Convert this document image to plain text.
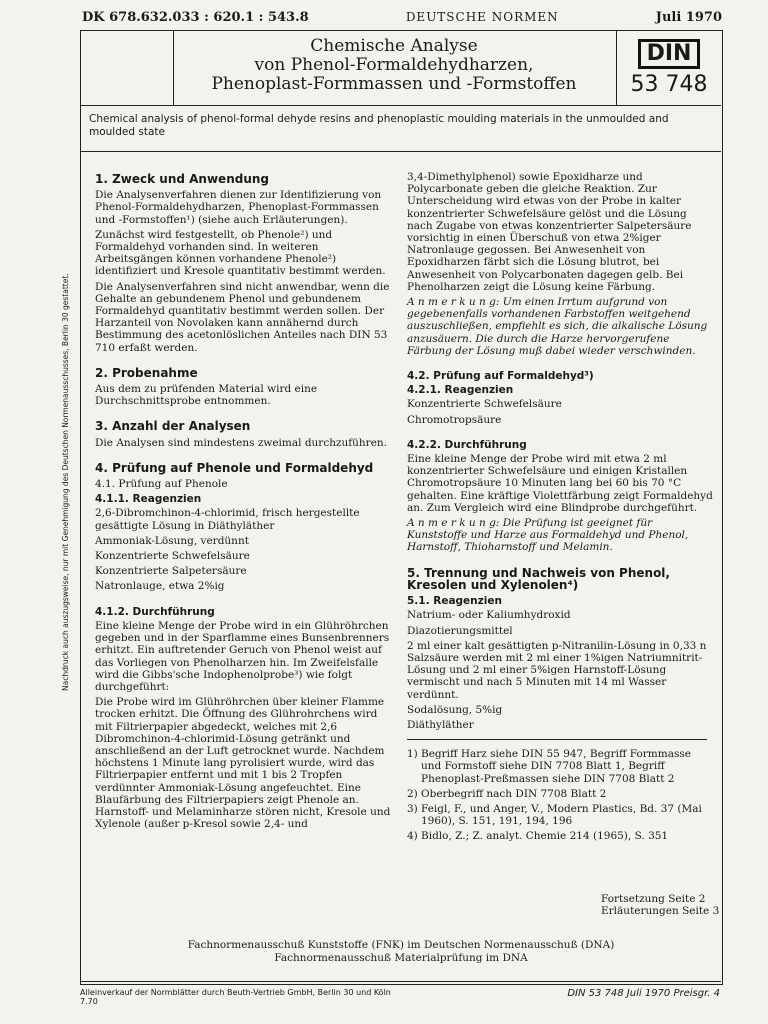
DK 678.632.033 : 620.1 : 543.8	DEUTSCHE NORMEN	Juli 1970
Nachdruck auch auszugsweise, nur mit Genehmigung des Deutschen Normenausschusses, Berlin 30 gestattet.
Chemische Analyse
von Phenol-Formaldehydharzen,
Phenoplast-Formmassen und -Formstoffen
DIN
53 748
Chemical analysis of phenol-formal dehyde resins and phenoplastic moulding materials in the unmoulded and moulded state
1. Zweck und Anwendung

Die Analysenverfahren dienen zur Identifizierung von Phenol-Formaldehydharzen, Phenoplast-Formmassen und -Formstoffen¹) (siehe auch Erläuterungen).

Zunächst wird festgestellt, ob Phenole²) und Formaldehyd vorhanden sind. In weiteren Arbeitsgängen können vorhandene Phenole²) identifiziert und Kresole quantitativ bestimmt werden.

Die Analysenverfahren sind nicht anwendbar, wenn die Gehalte an gebundenem Phenol und gebundenem Formaldehyd quantitativ bestimmt werden sollen. Der Harzanteil von Novolaken kann annähernd durch Bestimmung des acetonlöslichen Anteiles nach DIN 53 710 erfaßt werden.

2. Probenahme

Aus dem zu prüfenden Material wird eine Durchschnittsprobe entnommen.

3. Anzahl der Analysen

Die Analysen sind mindestens zweimal durchzuführen.

4. Prüfung auf Phenole und Formaldehyd

4.1. Prüfung auf Phenole

4.1.1. Reagenzien

2,6-Dibromchinon-4-chlorimid, frisch hergestellte gesättigte Lösung in Diäthyläther

Ammoniak-Lösung, verdünnt

Konzentrierte Schwefelsäure

Konzentrierte Salpetersäure

Natronlauge, etwa 2%ig

4.1.2. Durchführung

Eine kleine Menge der Probe wird in ein Glühröhrchen gegeben und in der Sparflamme eines Bunsenbrenners erhitzt. Ein auftretender Geruch von Phenol weist auf das Vorliegen von Phenolharzen hin. Im Zweifelsfalle wird die Gibbs'sche Indophenolprobe³) wie folgt durchgeführt:

Die Probe wird im Glühröhrchen über kleiner Flamme trocken erhitzt. Die Öffnung des Glührohrchens wird mit Filtrierpapier abgedeckt, welches mit 2,6 Dibromchinon-4-chlorimid-Lösung getränkt und anschließend an der Luft getrocknet wurde. Nachdem höchstens 1 Minute lang pyrolisiert wurde, wird das Filtrierpapier entfernt und mit 1 bis 2 Tropfen verdünnter Ammoniak-Lösung angefeuchtet. Eine Blaufärbung des Filtrierpapiers zeigt Phenole an. Harnstoff- und Melaminharze stören nicht, Kresole und Xylenole (außer p-Kresol sowie 2,4- und

3,4-Dimethylphenol) sowie Epoxidharze und Polycarbonate geben die gleiche Reaktion. Zur Unterscheidung wird etwas von der Probe in kalter konzentrierter Schwefelsäure gelöst und die Lösung nach Zugabe von etwas konzentrierter Salpetersäure vorsichtig in einen Überschuß von etwa 2%iger Natronlauge gegossen. Bei Anwesenheit von Epoxidharzen färbt sich die Lösung blutrot, bei Anwesenheit von Polycarbonaten dagegen gelb. Bei Phenolharzen zeigt die Lösung keine Färbung.

A n m e r k u n g: Um einen Irrtum aufgrund von gegebenenfalls vorhandenen Farbstoffen weitgehend auszuschließen, empfiehlt es sich, die alkalische Lösung anzusäuern. Die durch die Harze hervorgerufene Färbung der Lösung muß dabei wieder verschwinden.

4.2. Prüfung auf Formaldehyd³)
4.2.1. Reagenzien

Konzentrierte Schwefelsäure

Chromotropsäure

4.2.2. Durchführung

Eine kleine Menge der Probe wird mit etwa 2 ml konzentrierter Schwefelsäure und einigen Kristallen Chromotropsäure 10 Minuten lang bei 60 bis 70 °C gehalten. Eine kräftige Violettfärbung zeigt Formaldehyd an. Zum Vergleich wird eine Blindprobe durchgeführt.

A n m e r k u n g: Die Prüfung ist geeignet für Kunststoffe und Harze aus Formaldehyd und Phenol, Harnstoff, Thioharnstoff und Melamin.

5. Trennung und Nachweis von Phenol, Kresolen und Xylenolen⁴)
5.1. Reagenzien

Natrium- oder Kaliumhydroxid

Diazotierungsmittel

2 ml einer kalt gesättigten p-Nitranilin-Lösung in 0,33 n Salzsäure werden mit 2 ml einer 1%igen Natriumnitrit-Lösung und 2 ml einer 5%igen Harnstoff-Lösung vermischt und nach 5 Minuten mit 14 ml Wasser verdünnt.

Sodalösung, 5%ig

Diäthyläther

1) Begriff Harz siehe DIN 55 947, Begriff Formmasse und Formstoff siehe DIN 7708 Blatt 1, Begriff Phenoplast-Preßmassen siehe DIN 7708 Blatt 2
2) Oberbegriff nach DIN 7708 Blatt 2
3) Feigl, F., und Anger, V., Modern Plastics, Bd. 37 (Mai 1960), S. 151, 191, 194, 196
4) Bidlo, Z.; Z. analyt. Chemie 214 (1965), S. 351
Fortsetzung Seite 2
Erläuterungen Seite 3
Fachnormenausschuß Kunststoffe (FNK) im Deutschen Normenausschuß (DNA)
Fachnormenausschuß Materialprüfung im DNA
Alleinverkauf der Normblätter durch Beuth-Vertrieb GmbH, Berlin 30 und Köln
7.70
DIN 53 748 Juli 1970 Preisgr. 4
